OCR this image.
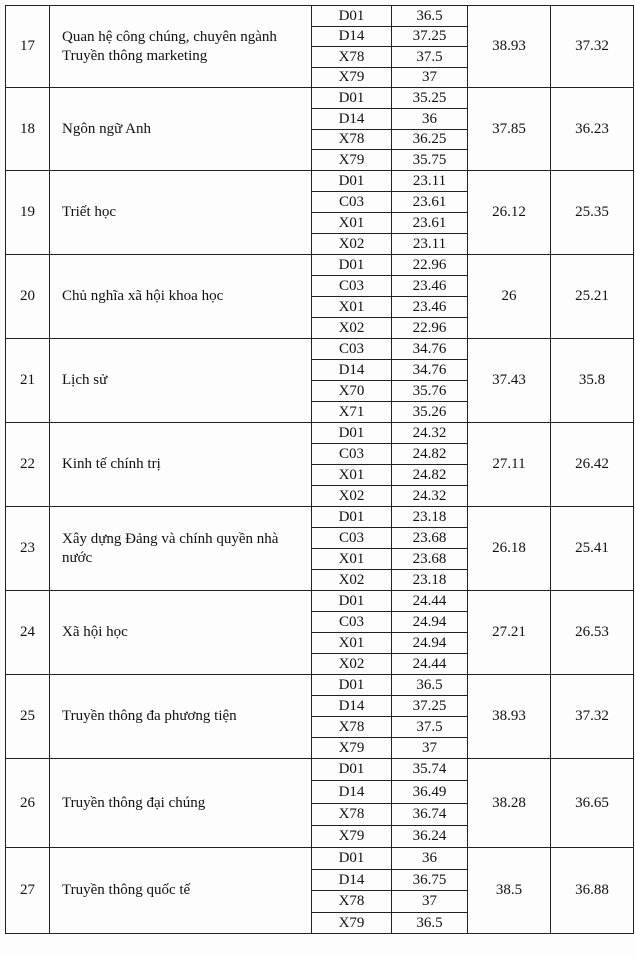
17	Quan hệ công chúng, chuyên ngành Truyền thông marketing	D01	36.5	38.93	37.32
		D14	37.25		
		X78	37.5		
		X79	37		
18	Ngôn ngữ Anh	D01	35.25	37.85	36.23
		D14	36		
		X78	36.25		
		X79	35.75		
19	Triết học	D01	23.11	26.12	25.35
		C03	23.61		
		X01	23.61		
		X02	23.11		
20	Chủ nghĩa xã hội khoa học	D01	22.96	26	25.21
		C03	23.46		
		X01	23.46		
		X02	22.96		
21	Lịch sử	C03	34.76	37.43	35.8
		D14	34.76		
		X70	35.76		
		X71	35.26		
22	Kinh tế chính trị	D01	24.32	27.11	26.42
		C03	24.82		
		X01	24.82		
		X02	24.32		
23	Xây dựng Đảng và chính quyền nhà nước	D01	23.18	26.18	25.41
		C03	23.68		
		X01	23.68		
		X02	23.18		
24	Xã hội học	D01	24.44	27.21	26.53
		C03	24.94		
		X01	24.94		
		X02	24.44		
25	Truyền thông đa phương tiện	D01	36.5	38.93	37.32
		D14	37.25		
		X78	37.5		
		X79	37		
26	Truyền thông đại chúng	D01	35.74	38.28	36.65
		D14	36.49		
		X78	36.74		
		X79	36.24		
27	Truyền thông quốc tế	D01	36	38.5	36.88
		D14	36.75		
		X78	37		
		X79	36.5		
